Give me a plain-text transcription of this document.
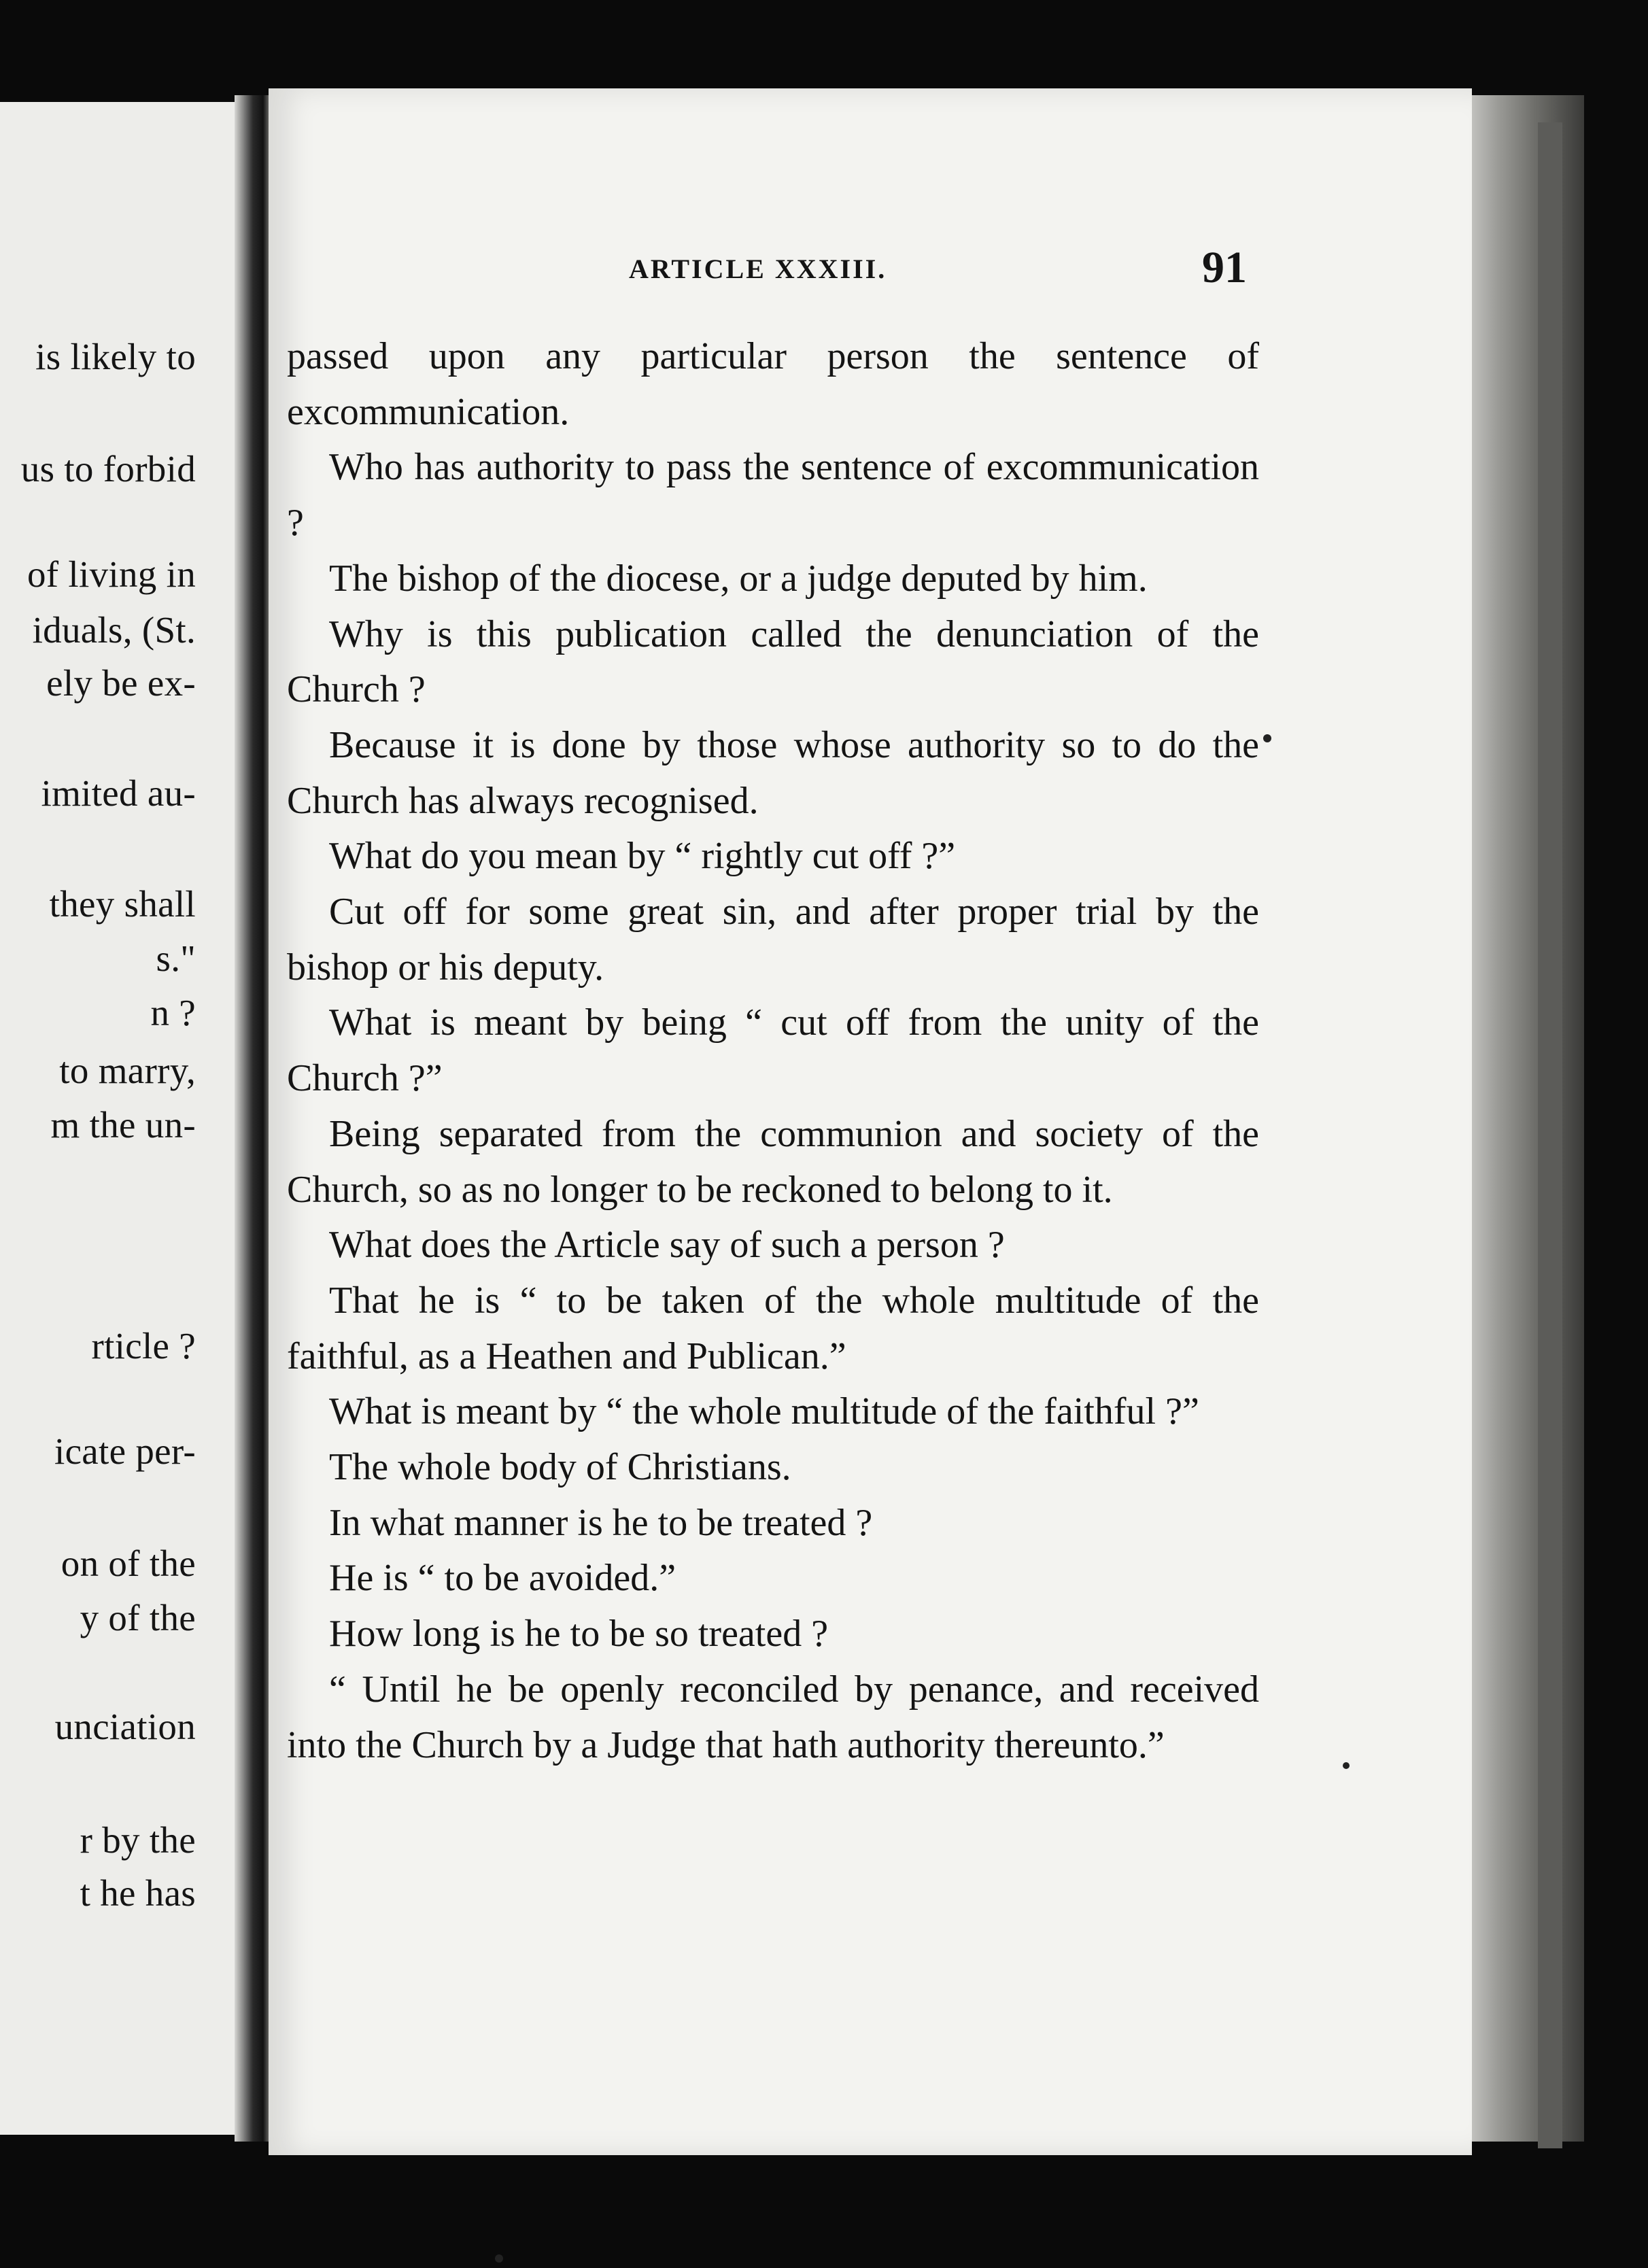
is likely to
us to forbid
of living in
iduals, (St.
ely be ex-
imited au-
they shall
s."
n ?
to marry,
m the un-
rticle ?
icate per-
on of the
y of the
unciation
r by the
t he has
ARTICLE XXXIII.	91

passed upon any particular person the sentence of excommunication.

Who has authority to pass the sentence of excommunication ?

The bishop of the diocese, or a judge deputed by him.

Why is this publication called the denunciation of the Church ?

Because it is done by those whose authority so to do the Church has always recognised.

What do you mean by “ rightly cut off ?”

Cut off for some great sin, and after proper trial by the bishop or his deputy.

What is meant by being “ cut off from the unity of the Church ?”

Being separated from the communion and society of the Church, so as no longer to be reckoned to belong to it.

What does the Article say of such a person ?

That he is “ to be taken of the whole multitude of the faithful, as a Heathen and Publican.”

What is meant by “ the whole multitude of the faithful ?”

The whole body of Christians.

In what manner is he to be treated ?

He is “ to be avoided.”

How long is he to be so treated ?

“ Until he be openly reconciled by penance, and received into the Church by a Judge that hath authority thereunto.”
